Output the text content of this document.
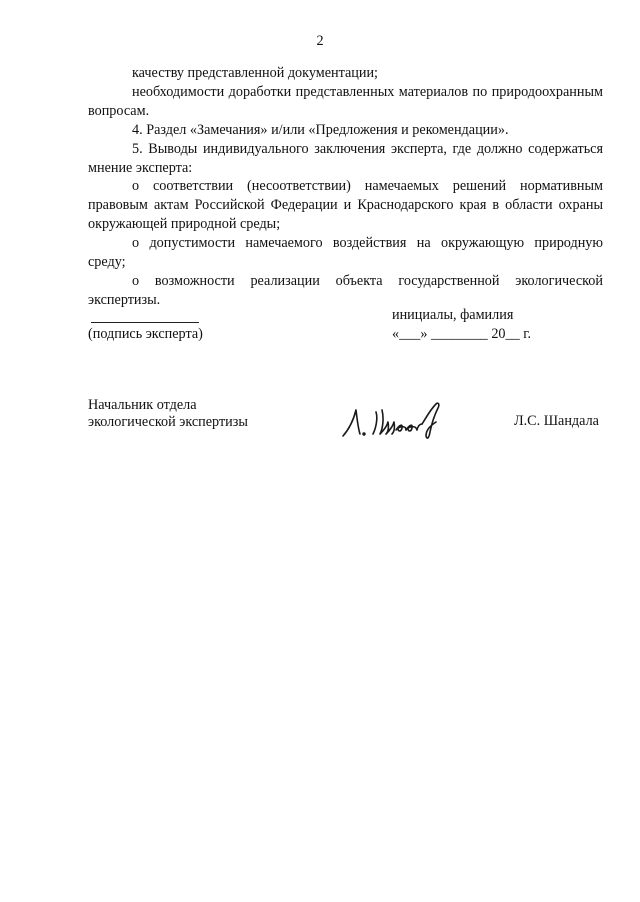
2

качеству представленной документации;

необходимости доработки представленных материалов по природоохранным вопросам.

4. Раздел «Замечания» и/или «Предложения и рекомендации».

5. Выводы индивидуального заключения эксперта, где должно содержаться мнение эксперта:

о соответствии (несоответствии) намечаемых решений нормативным правовым актам Российской Федерации и Краснодарского края в области охраны окружающей природной среды;

о допустимости намечаемого воздействия на окружающую природную среду;

о возможности реализации объекта государственной экологической экспертизы.

(подпись эксперта)
инициалы, фамилия
«___» ________ 20__ г.
Начальник отдела
экологической экспертизы	Л.С. Шандала
